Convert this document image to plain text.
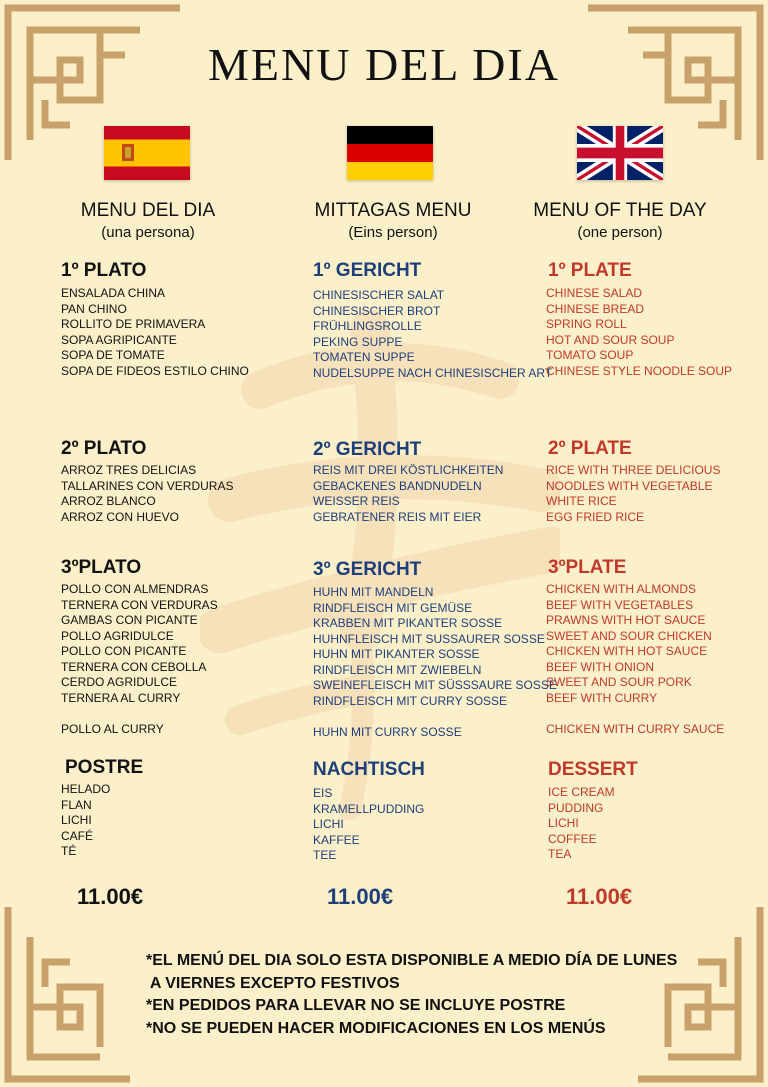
MENU DEL DIA
MENU DEL DIA
(una persona)
MITTAGAS MENU
(Eins person)
MENU OF THE DAY
(one person)
1º PLATO
ENSALADA CHINA
PAN CHINO
ROLLITO DE PRIMAVERA
SOPA AGRIPICANTE
SOPA DE TOMATE
SOPA DE FIDEOS ESTILO CHINO
2º PLATO
ARROZ TRES DELICIAS
TALLARINES CON VERDURAS
ARROZ BLANCO
ARROZ CON HUEVO
3ºPLATO
POLLO CON ALMENDRAS
TERNERA CON VERDURAS
GAMBAS CON PICANTE
POLLO AGRIDULCE
POLLO CON PICANTE
TERNERA CON CEBOLLA
CERDO AGRIDULCE
TERNERA AL CURRY
POLLO AL CURRY
POSTRE
HELADO
FLAN
LICHI
CAFÉ
TÉ
11.00€
1º GERICHT
CHINESISCHER SALAT
CHINESISCHER BROT
FRÜHLINGSROLLE
PEKING SUPPE
TOMATEN SUPPE
NUDELSUPPE NACH CHINESISCHER ART
2º GERICHT
REIS MIT DREI KÖSTLICHKEITEN
GEBACKENES BANDNUDELN
WEISSER REIS
GEBRATENER REIS MIT EIER
3º GERICHT
HUHN MIT MANDELN
RINDFLEISCH MIT GEMÜSE
KRABBEN MIT PIKANTER SOSSE
HUHNFLEISCH MIT SUSSAURER SOSSE
HUHN MIT PIKANTER SOSSE
RINDFLEISCH MIT ZWIEBELN
SWEINEFLEISCH MIT SÜSSSAURE SOSSE
RINDFLEISCH MIT CURRY SOSSE
HUHN MIT CURRY SOSSE
NACHTISCH
EIS
KRAMELLPUDDING
LICHI
KAFFEE
TEE
11.00€
1º PLATE
CHINESE SALAD
CHINESE BREAD
SPRING ROLL
HOT AND SOUR SOUP
TOMATO SOUP
CHINESE STYLE NOODLE SOUP
2º PLATE
RICE WITH THREE DELICIOUS
NOODLES WITH VEGETABLE
WHITE RICE
EGG FRIED RICE
3ºPLATE
CHICKEN WITH ALMONDS
BEEF WITH VEGETABLES
PRAWNS WITH HOT SAUCE
SWEET AND SOUR CHICKEN
CHICKEN WITH HOT SAUCE
BEEF WITH ONION
SWEET AND SOUR PORK
BEEF WITH CURRY
CHICKEN WITH CURRY SAUCE
DESSERT
ICE CREAM
PUDDING
LICHI
COFFEE
TEA
11.00€
*EL MENÚ DEL DIA SOLO ESTA DISPONIBLE A MEDIO DÍA DE LUNES
A VIERNES EXCEPTO FESTIVOS
*EN PEDIDOS PARA LLEVAR NO SE INCLUYE POSTRE
*NO SE PUEDEN HACER MODIFICACIONES EN LOS MENÚS
